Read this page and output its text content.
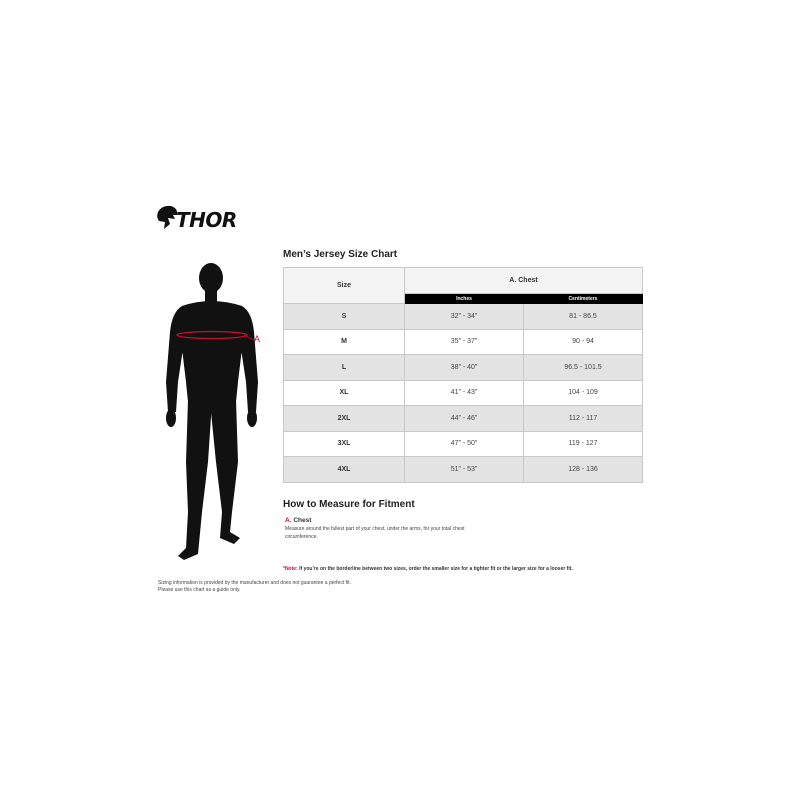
THOR
A
Men’s Jersey Size Chart
Size	A. Chest	
	Inches	Centimeters
S	32” - 34”	81 - 86.5
M	35” - 37”	90 - 94
L	38” - 40”	96.5 - 101.5
XL	41” - 43”	104 - 109
2XL	44” - 46”	112 - 117
3XL	47” - 50”	119 - 127
4XL	51” - 53”	128 - 136
How to Measure for Fitment
A. Chest
Measure around the fullest part of your chest, under the arms, for your total chest circumference.
*Note: If you’re on the borderline between two sizes, order the smaller size for a tighter fit or the larger size for a looser fit.
Sizing information is provided by the manufacturer and does not guarantee a perfect fit.
Please use this chart as a guide only.
